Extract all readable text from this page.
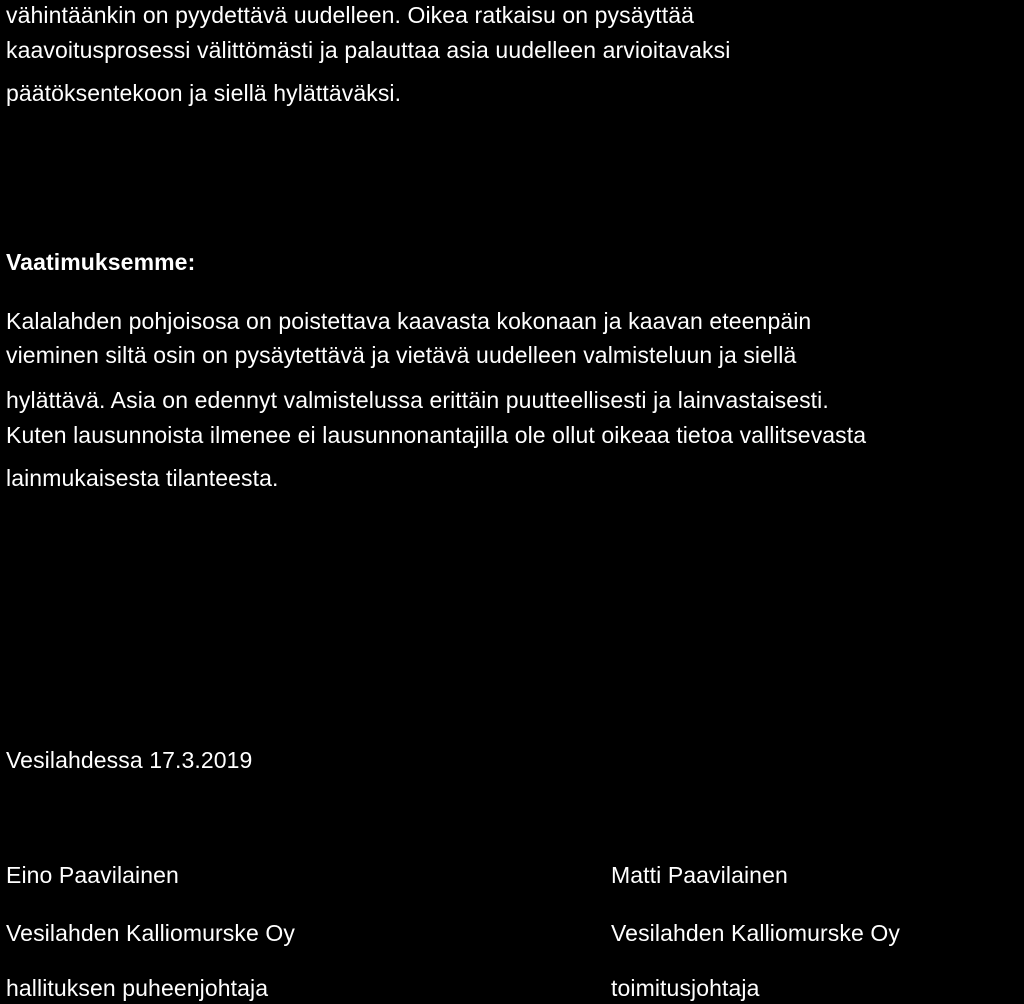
vähintäänkin on pyydettävä uudelleen. Oikea ratkaisu on pysäyttää
kaavoitusprosessi välittömästi ja palauttaa asia uudelleen arvioitavaksi
päätöksentekoon ja siellä hylättäväksi.
Vaatimuksemme:
Kalalahden pohjoisosa on poistettava kaavasta kokonaan ja kaavan eteenpäin
vieminen siltä osin on pysäytettävä ja vietävä uudelleen valmisteluun ja siellä
hylättävä. Asia on edennyt valmistelussa erittäin puutteellisesti ja lainvastaisesti.
Kuten lausunnoista ilmenee ei lausunnonantajilla ole ollut oikeaa tietoa vallitsevasta
lainmukaisesta tilanteesta.
Vesilahdessa 17.3.2019
Eino Paavilainen
Vesilahden Kalliomurske Oy
hallituksen puheenjohtaja
Matti Paavilainen
Vesilahden Kalliomurske Oy
toimitusjohtaja
